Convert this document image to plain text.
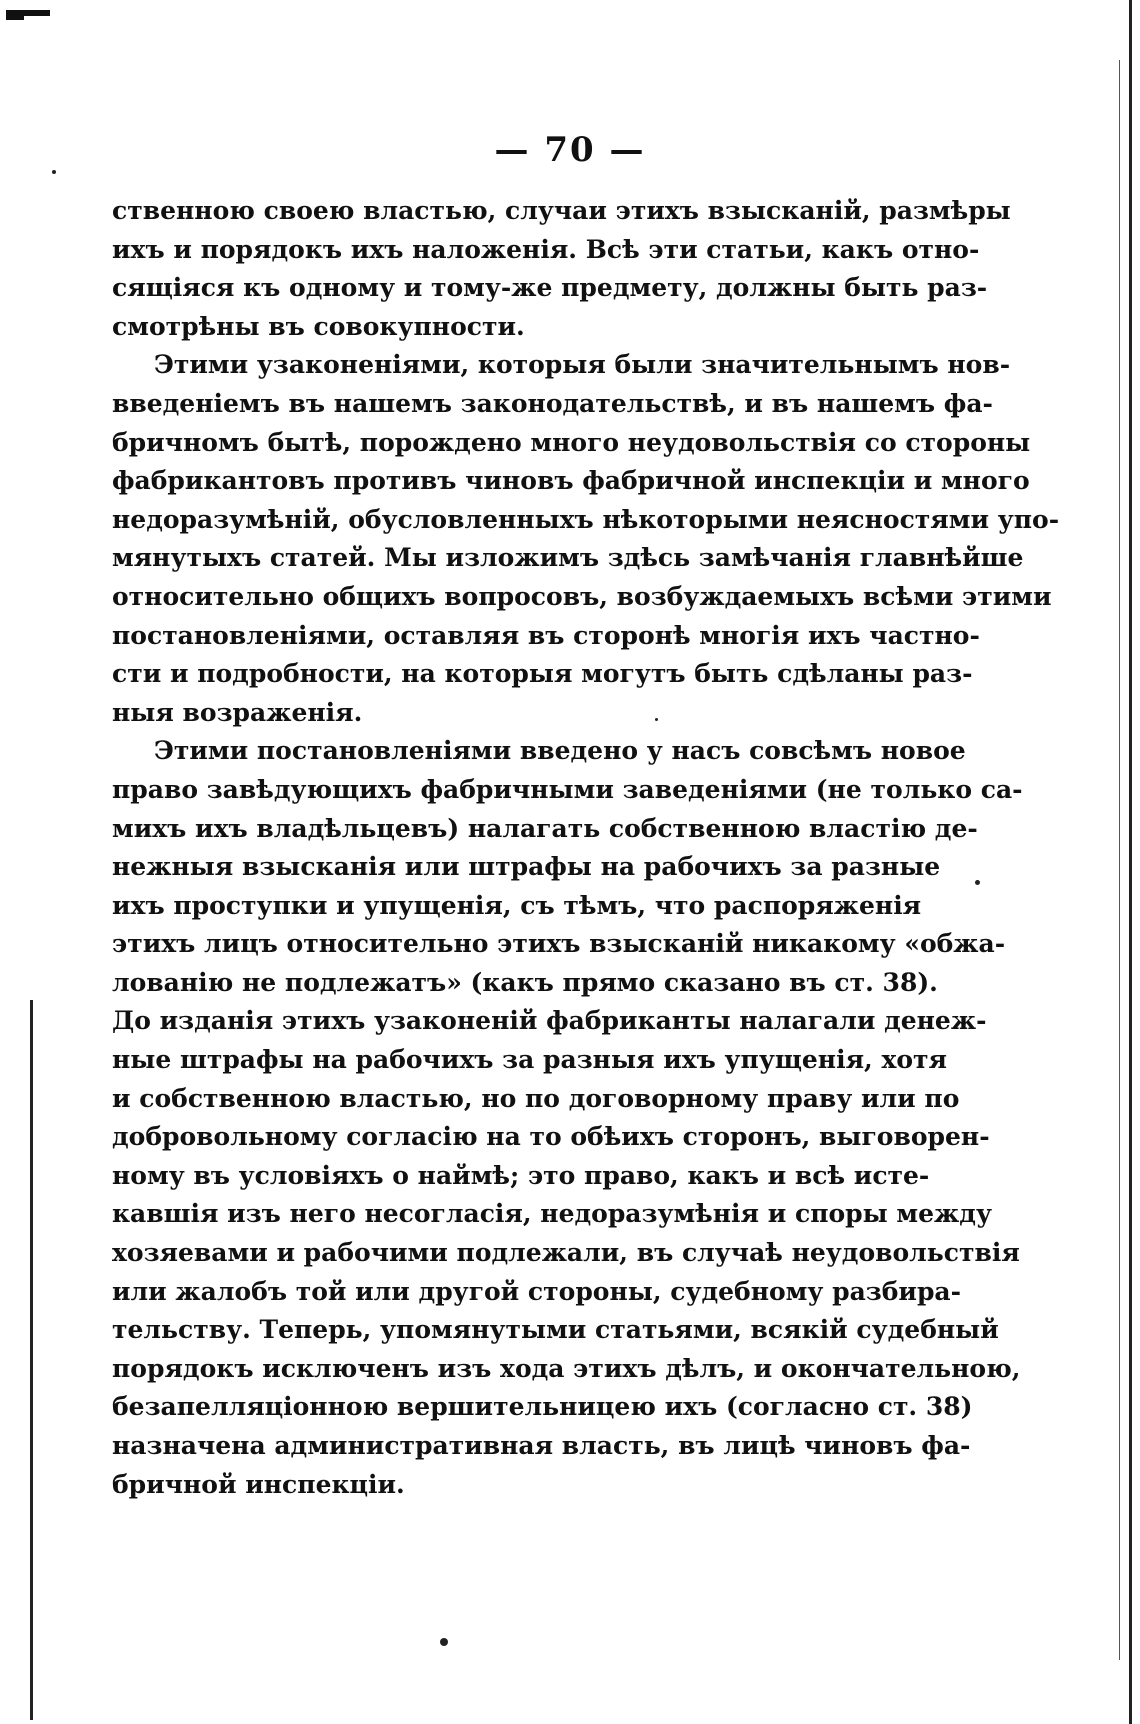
— 70 —
ственною своею властью, случаи этихъ взысканій, размѣры
ихъ и порядокъ ихъ наложенія. Всѣ эти статьи, какъ отно-
сящіяся къ одному и тому-же предмету, должны быть раз-
смотрѣны въ совокупности.
Этими узаконеніями, которыя были значительнымъ нов-
введеніемъ въ нашемъ законодательствѣ, и въ нашемъ фа-
бричномъ бытѣ, порождено много неудовольствія со стороны
фабрикантовъ противъ чиновъ фабричной инспекціи и много
недоразумѣній, обусловленныхъ нѣкоторыми неясностями упо-
мянутыхъ статей. Мы изложимъ здѣсь замѣчанія главнѣйше
относительно общихъ вопросовъ, возбуждаемыхъ всѣми этими
постановленіями, оставляя въ сторонѣ многія ихъ частно-
сти и подробности, на которыя могутъ быть сдѣланы раз-
ныя возраженія.
Этими постановленіями введено у насъ совсѣмъ новое
право завѣдующихъ фабричными заведеніями (не только са-
михъ ихъ владѣльцевъ) налагать собственною властію де-
нежныя взысканія или штрафы на рабочихъ за разные
ихъ проступки и упущенія, съ тѣмъ, что распоряженія
этихъ лицъ относительно этихъ взысканій никакому «обжа-
лованію не подлежатъ» (какъ прямо сказано въ ст. 38).
До изданія этихъ узаконеній фабриканты налагали денеж-
ные штрафы на рабочихъ за разныя ихъ упущенія, хотя
и собственною властью, но по договорному праву или по
добровольному согласію на то обѣихъ сторонъ, выговорен-
ному въ условіяхъ о наймѣ; это право, какъ и всѣ исте-
кавшія изъ него несогласія, недоразумѣнія и споры между
хозяевами и рабочими подлежали, въ случаѣ неудовольствія
или жалобъ той или другой стороны, судебному разбира-
тельству. Теперь, упомянутыми статьями, всякій судебный
порядокъ исключенъ изъ хода этихъ дѣлъ, и окончательною,
безапелляціонною вершительницею ихъ (согласно ст. 38)
назначена административная власть, въ лицѣ чиновъ фа-
бричной инспекціи.
